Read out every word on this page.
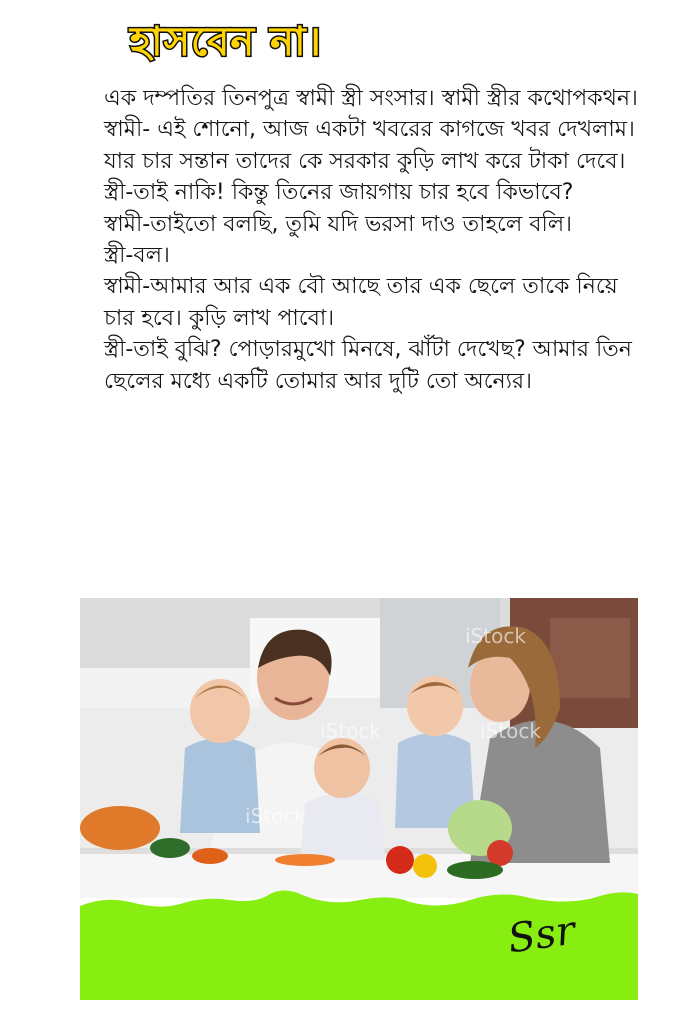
হাসবেন না।

এক দম্পতির তিনপুত্র স্বামী স্ত্রী সংসার। স্বামী স্ত্রীর কথোপকথন।

স্বামী- এই শোনো, আজ একটা খবরের কাগজে খবর দেখলাম। যার চার সন্তান তাদের কে সরকার কুড়ি লাখ করে টাকা দেবে।

স্ত্রী-তাই নাকি! কিন্তু তিনের জায়গায় চার হবে কিভাবে?

স্বামী-তাইতো বলছি, তুমি যদি ভরসা দাও তাহলে বলি।

স্ত্রী-বল।

স্বামী-আমার আর এক বৌ আছে তার এক ছেলে তাকে নিয়ে চার হবে। কুড়ি লাখ পাবো।

স্ত্রী-তাই বুঝি? পোড়ারমুখো মিনষে, ঝাঁটা দেখেছ? আমার তিন ছেলের মধ্যে একটি তোমার আর দুটি তো অন্যের।

iStock
iStock	iStock
iStock
Ssr
